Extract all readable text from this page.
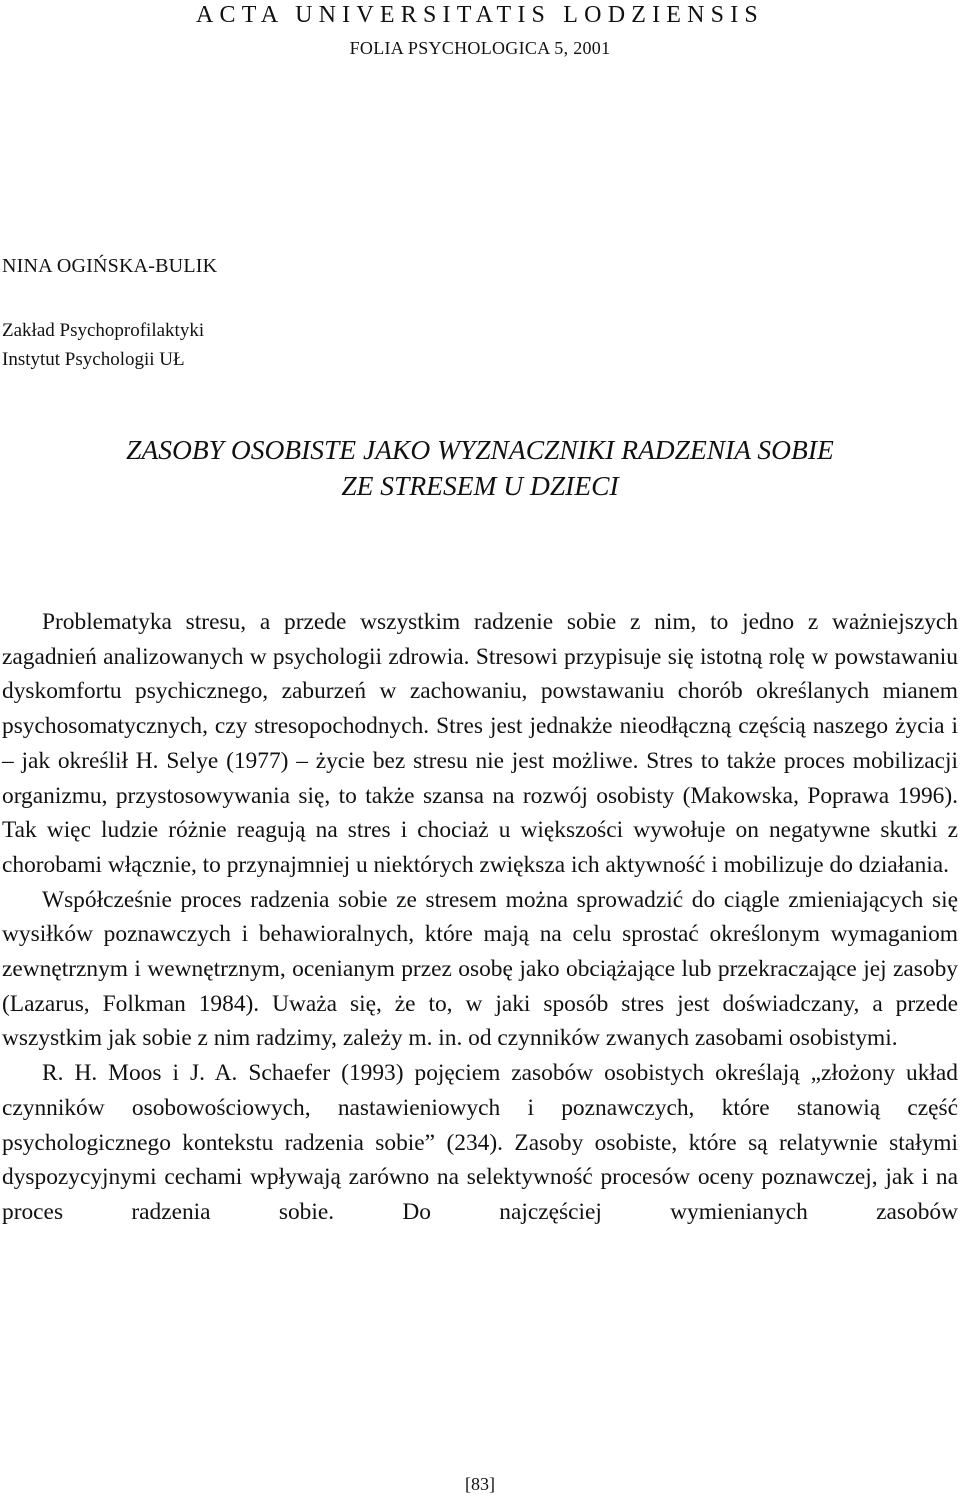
ACTA UNIVERSITATIS LODZIENSIS
FOLIA PSYCHOLOGICA 5, 2001
NINA OGIŃSKA-BULIK
Zakład Psychoprofilaktyki
Instytut Psychologii UŁ
ZASOBY OSOBISTE JAKO WYZNACZNIKI RADZENIA SOBIE
ZE STRESEM U DZIECI

Problematyka stresu, a przede wszystkim radzenie sobie z nim, to jedno z ważniejszych zagadnień analizowanych w psychologii zdrowia. Stresowi przypisuje się istotną rolę w powstawaniu dyskomfortu psychicznego, zaburzeń w zachowaniu, powstawaniu chorób określanych mianem psychosomatycznych, czy stresopochodnych. Stres jest jednakże nieodłączną częścią naszego życia i – jak określił H. Selye (1977) – życie bez stresu nie jest możliwe. Stres to także proces mobilizacji organizmu, przystosowywania się, to także szansa na rozwój osobisty (Makowska, Poprawa 1996). Tak więc ludzie różnie reagują na stres i chociaż u większości wywołuje on negatywne skutki z chorobami włącznie, to przynajmniej u niektórych zwiększa ich aktywność i mobilizuje do działania.

Współcześnie proces radzenia sobie ze stresem można sprowadzić do ciągle zmieniających się wysiłków poznawczych i behawioralnych, które mają na celu sprostać określonym wymaganiom zewnętrznym i wewnętrznym, ocenianym przez osobę jako obciążające lub przekraczające jej zasoby (Lazarus, Folkman 1984). Uważa się, że to, w jaki sposób stres jest doświadczany, a przede wszystkim jak sobie z nim radzimy, zależy m. in. od czynników zwanych zasobami osobistymi.

R. H. Moos i J. A. Schaefer (1993) pojęciem zasobów osobistych określają „złożony układ czynników osobowościowych, nastawieniowych i poznawczych, które stanowią część psychologicznego kontekstu radzenia sobie” (234). Zasoby osobiste, które są relatywnie stałymi dyspozycyjnymi cechami wpływają zarówno na selektywność procesów oceny poznawczej, jak i na proces radzenia sobie. Do najczęściej wymienianych zasobów

[83]
